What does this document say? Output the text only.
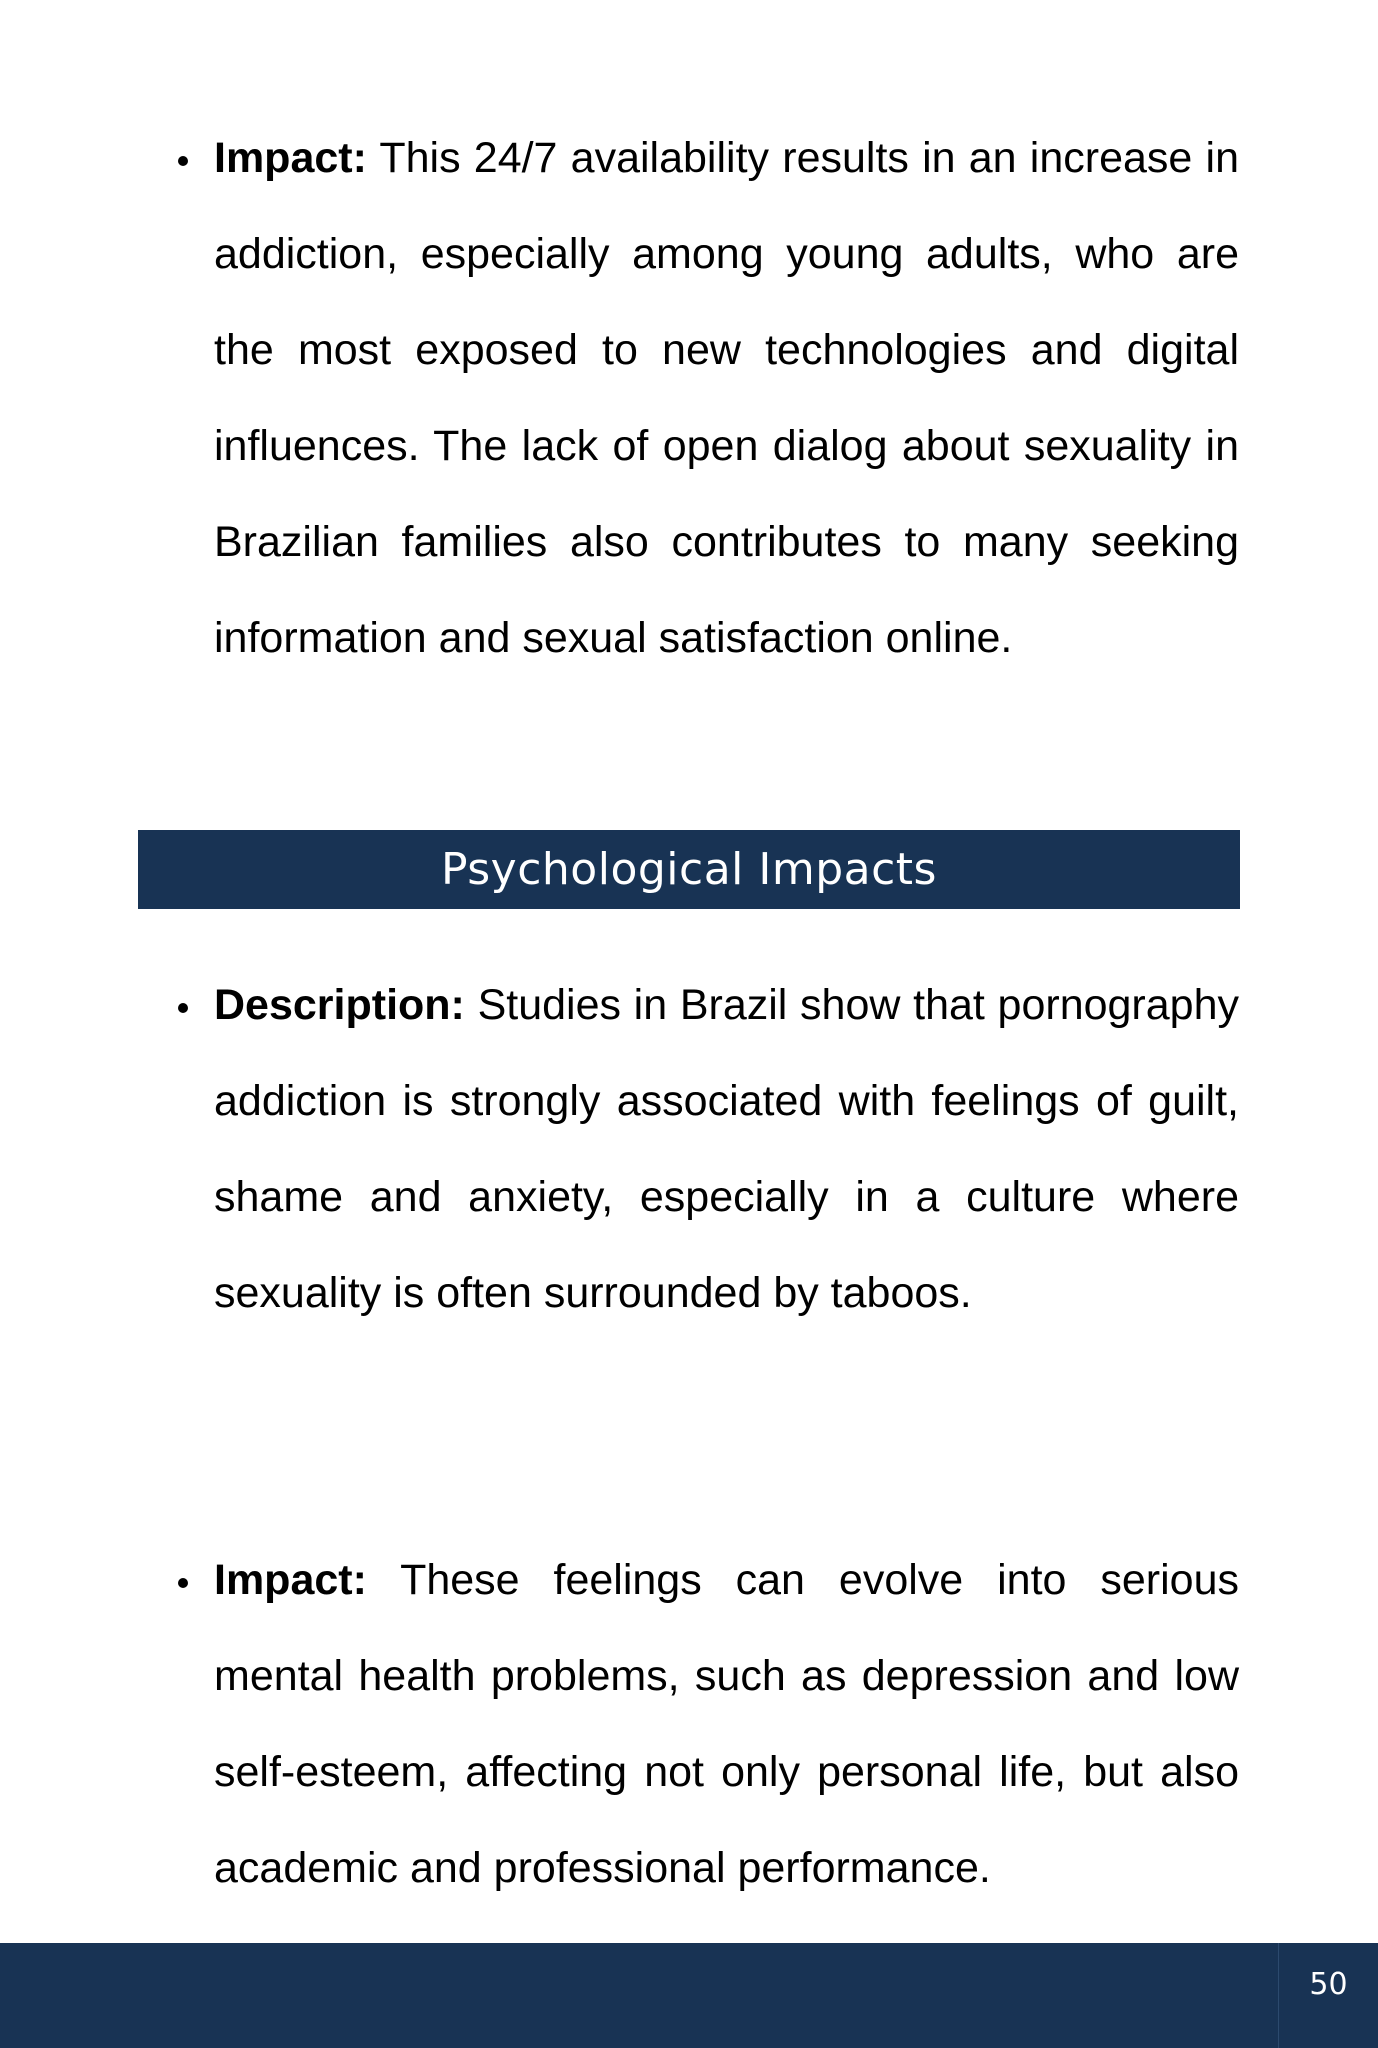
Impact: This 24/7 availability results in an increase in addiction, especially among young adults, who are the most exposed to new technologies and digital influences. The lack of open dialog about sexuality in Brazilian families also contributes to many seeking information and sexual satisfaction online.

Psychological Impacts

Description: Studies in Brazil show that pornography addiction is strongly associated with feelings of guilt, shame and anxiety, especially in a culture where sexuality is often surrounded by taboos.

Impact: These feelings can evolve into serious mental health problems, such as depression and low self-esteem, affecting not only personal life, but also academic and professional performance.

50
